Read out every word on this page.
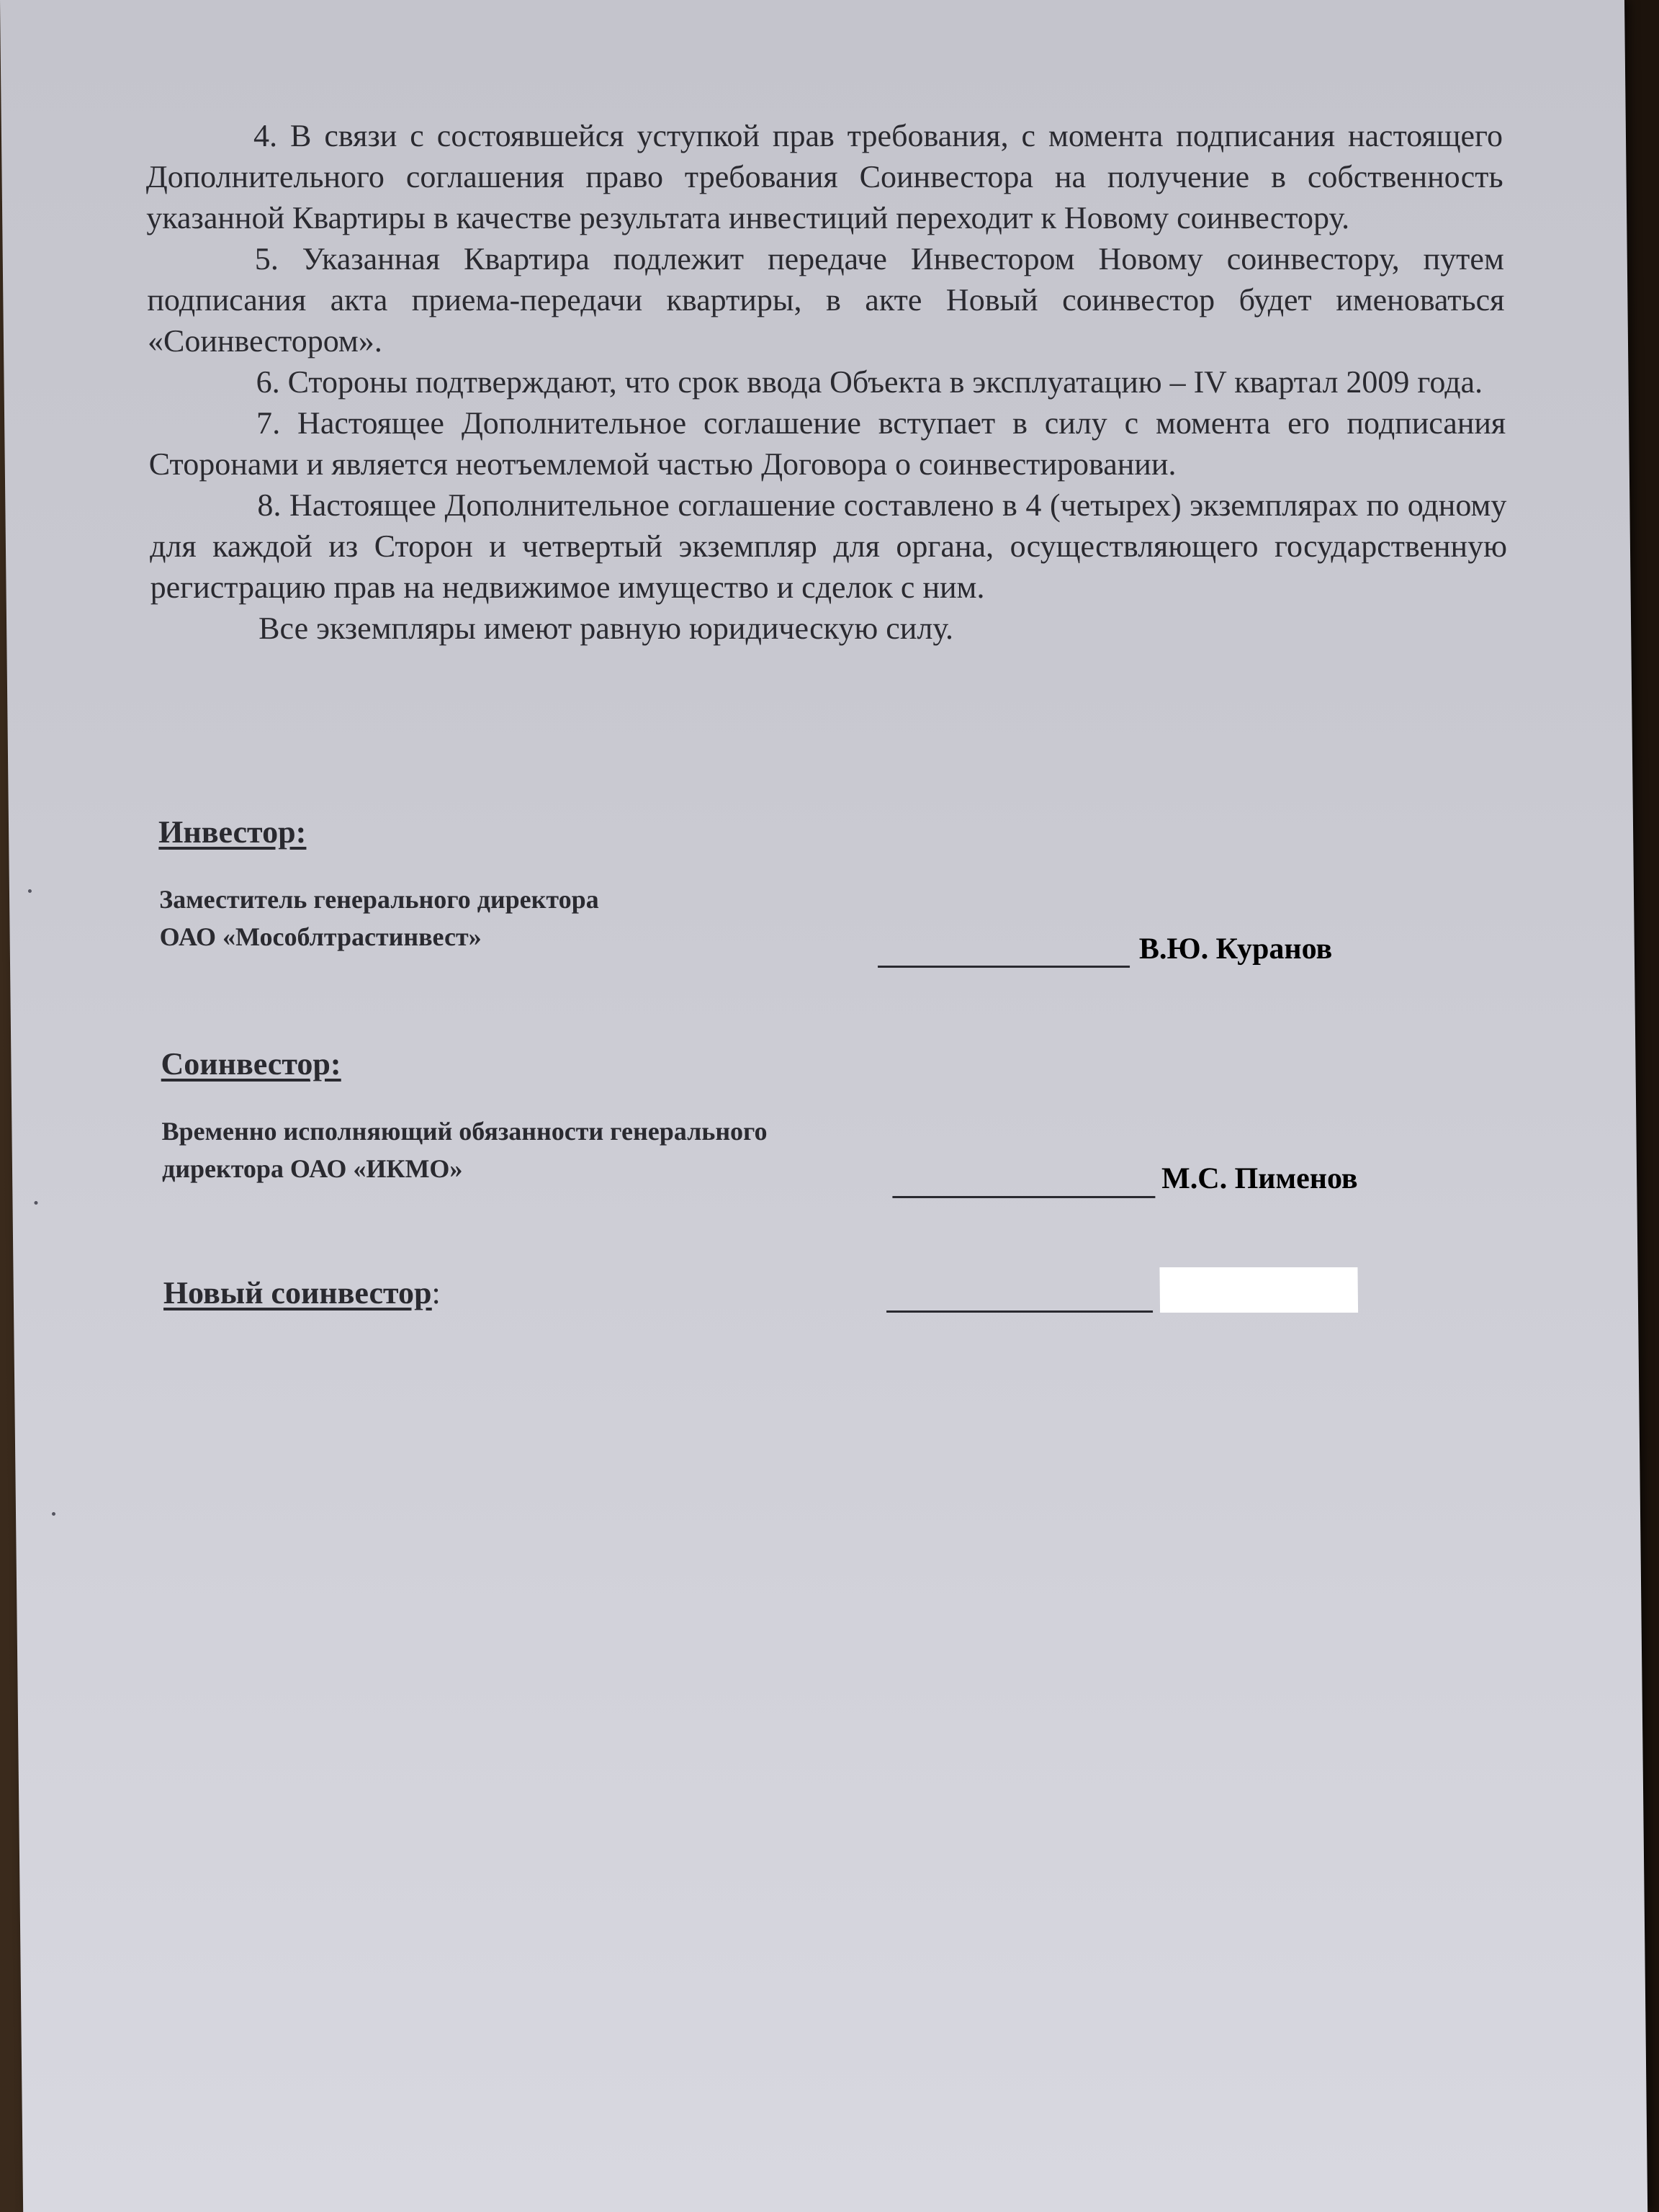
4. В связи с состоявшейся уступкой прав требования, с момента подписания настоящего Дополнительного соглашения право требования Соинвестора на получение в собственность указанной Квартиры в качестве результата инвестиций переходит к Новому соинвестору.

5. Указанная Квартира подлежит передаче Инвестором Новому соинвестору, путем подписания акта приема-передачи квартиры, в акте Новый соинвестор будет именоваться «Соинвестором».

6. Стороны подтверждают, что срок ввода Объекта в эксплуатацию – IV квартал 2009 года.

7. Настоящее Дополнительное соглашение вступает в силу с момента его подписания Сторонами и является неотъемлемой частью Договора о соинвестировании.

8. Настоящее Дополнительное соглашение составлено в 4 (четырех) экземплярах по одному для каждой из Сторон и четвертый экземпляр для органа, осуществляющего государственную регистрацию прав на недвижимое имущество и сделок с ним.

Все экземпляры имеют равную юридическую силу.

Инвестор:

Заместитель генерального директора

ОАО «Мособлтрастинвест»	В.Ю. Куранов

Соинвестор:

Временно исполняющий обязанности генерального

директора ОАО «ИКМО»	М.С. Пименов
Новый соинвестор:
